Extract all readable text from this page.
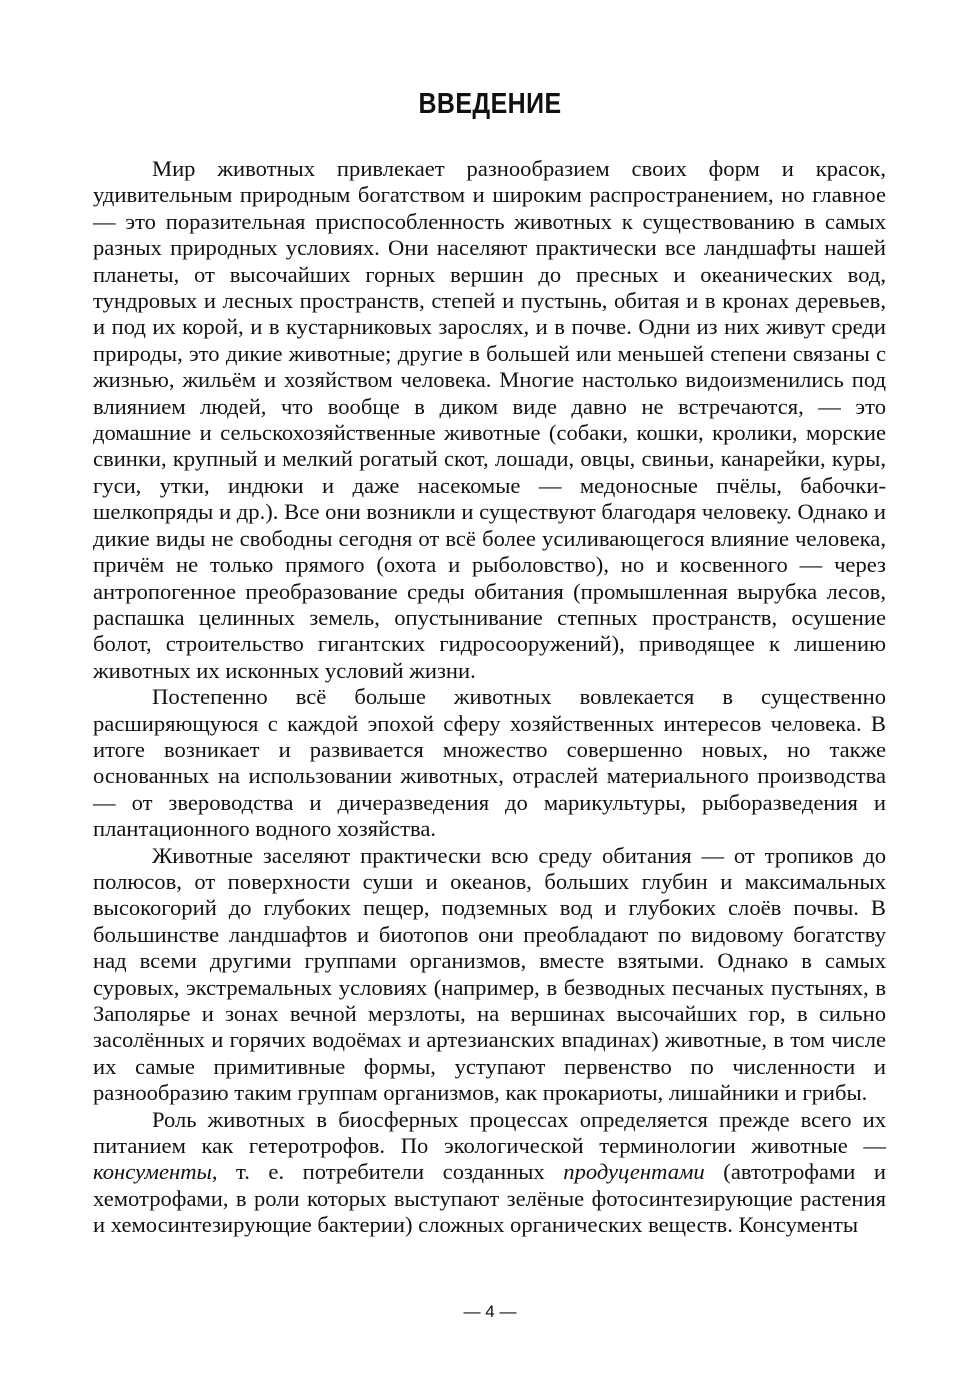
ВВЕДЕНИЕ

Мир животных привлекает разнообразием своих форм и красок, удивительным природным богатством и широким распространением, но главное — это поразительная приспособленность животных к существованию в самых разных природных условиях. Они населяют практически все ландшафты нашей планеты, от высочайших горных вершин до пресных и океанических вод, тундровых и лесных пространств, степей и пустынь, обитая и в кронах деревьев, и под их корой, и в кустарниковых зарослях, и в почве. Одни из них живут среди природы, это дикие животные; другие в большей или меньшей степени связаны с жизнью, жильём и хозяйством человека. Многие настолько видоизменились под влиянием людей, что вообще в диком виде давно не встречаются, — это домашние и сельскохозяйственные животные (собаки, кошки, кролики, морские свинки, крупный и мелкий рогатый скот, лошади, овцы, свиньи, канарейки, куры, гуси, утки, индюки и даже насекомые — медоносные пчёлы, бабочки-шелкопряды и др.). Все они возникли и существуют благодаря человеку. Однако и дикие виды не свободны сегодня от всё более усиливающегося влияние человека, причём не только прямого (охота и рыболовство), но и косвенного — через антропогенное преобразование среды обитания (промышленная вырубка лесов, распашка целинных земель, опустынивание степных пространств, осушение болот, строительство гигантских гидросооружений), приводящее к лишению животных их исконных условий жизни.

Постепенно всё больше животных вовлекается в существенно расширяющуюся с каждой эпохой сферу хозяйственных интересов человека. В итоге возникает и развивается множество совершенно новых, но также основанных на использовании животных, отраслей материального производства — от звероводства и дичеразведения до марикультуры, рыборазведения и плантационного водного хозяйства.

Животные заселяют практически всю среду обитания — от тропиков до полюсов, от поверхности суши и океанов, больших глубин и максимальных высокогорий до глубоких пещер, подземных вод и глубоких слоёв почвы. В большинстве ландшафтов и биотопов они преобладают по видовому богатству над всеми другими группами организмов, вместе взятыми. Однако в самых суровых, экстремальных условиях (например, в безводных песчаных пустынях, в Заполярье и зонах вечной мерзлоты, на вершинах высочайших гор, в сильно засолённых и горячих водоёмах и артезианских впадинах) животные, в том числе их самые примитивные формы, уступают первенство по численности и разнообразию таким группам организмов, как прокариоты, лишайники и грибы.

Роль животных в биосферных процессах определяется прежде всего их питанием как гетеротрофов. По экологической терминологии животные — консументы, т. е. потребители созданных продуцентами (автотрофами и хемотрофами, в роли которых выступают зелёные фотосинтезирующие растения и хемосинтезирующие бактерии) сложных органических веществ. Консументы

— 4 —
